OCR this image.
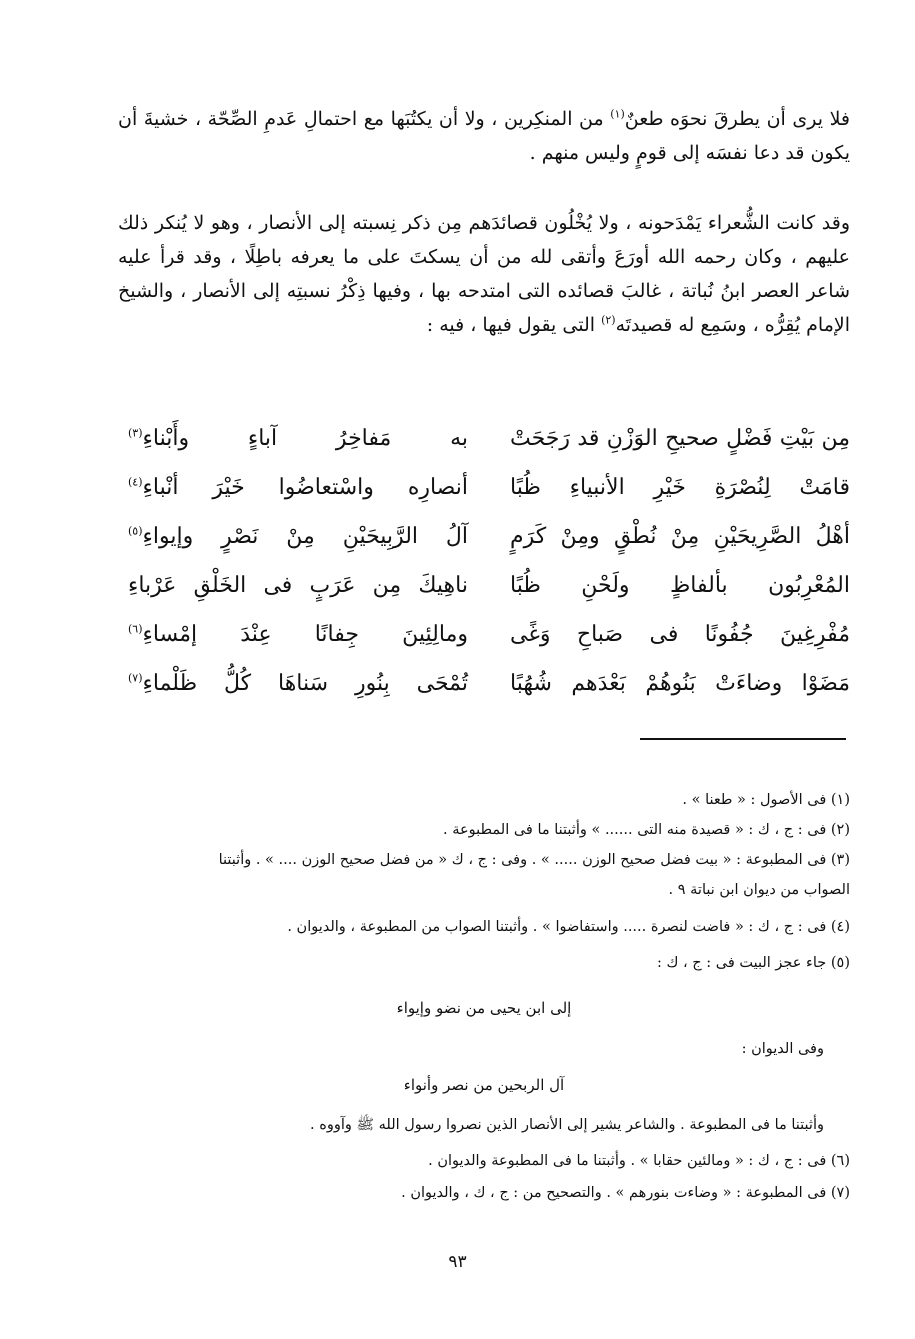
فلا يرى أن يطرقَ نحوَه طعنٌ$^{(١)}$ من المنكِرين ، ولا أن يكتُبَها مع احتمالِ عَدمِ الصِّحّة ، خشيةَ أن يكون قد دعا نفسَه إلى قومٍ وليس منهم .
وقد كانت الشُّعراء يَمْدَحونه ، ولا يُخْلُون قصائدَهم مِن ذكر نِسبته إلى الأنصار ، وهو لا يُنكر ذلك عليهم ، وكان رحمه الله أورَعَ وأتقى لله من أن يسكتَ على ما يعرفه باطِلًا ، وقد قرأ عليه شاعر العصر ابنُ نُباتة ، غالبَ قصائده التى امتدحه بها ، وفيها ذِكْرُ نسبتِه إلى الأنصار ، والشيخ الإمام يُقِرُّه ، وسَمِع له قصيدتَه$^{(٢)}$ التى يقول فيها ، فيه :
مِن بَيْتِ فَضْلٍ صحيحِ الوَزْنِ قد رَجَحَتْ
به مَفاخِرُ آباءٍ وأَبْناءِ$^{(٣)}$
قامَتْ لِنُصْرَةِ خَيْرِ الأنبياءِ ظُبًا
أنصارِه واسْتعاضُوا خَيْرَ أنْباءِ$^{(٤)}$
أهْلُ الصَّرِيحَيْنِ مِنْ نُطْقٍ ومِنْ كَرَمٍ
آلُ الرَّبِيحَيْنِ مِنْ نَصْرٍ وإيواءِ$^{(٥)}$
المُعْرِبُون بألفاظٍ ولَحْنِ ظُبًا
ناهِيكَ مِن عَرَبٍ فى الخَلْقِ عَرْباءِ
مُفْرِغِينَ جُفُونًا فى صَباحِ وَغًى
ومالِئِينَ جِفانًا عِنْدَ إمْساءِ$^{(٦)}$
مَضَوْا وضاءَتْ بَنُوهُمْ بَعْدَهم شُهُبًا
تُمْحَى بِنُورِ سَناهَا كُلُّ ظَلْماءِ$^{(٧)}$
(١) فى الأصول : « طعنا » .
(٢) فى : ج ، ك : « قصيدة منه التى ...... » وأثبتنا ما فى المطبوعة .
(٣) فى المطبوعة : « بيت فضل صحيح الوزن ..... » . وفى : ج ، ك « من فضل صحيح الوزن .... » . وأثبتنا
الصواب من ديوان ابن نباتة ٩ .
(٤) فى : ج ، ك : « فاضت لنصرة ..... واستفاضوا » . وأثبتنا الصواب من المطبوعة ، والديوان .
(٥) جاء عجز البيت فى : ج ، ك :
إلى ابن يحيى من نضو وإيواء
وفى الديوان :
آل الربحين من نصر وأنواء
وأثبتنا ما فى المطبوعة . والشاعر يشير إلى الأنصار الذين نصروا رسول الله ﷺ وآووه .
(٦) فى : ج ، ك : « ومالئين حقابا » . وأثبتنا ما فى المطبوعة والديوان .
(٧) فى المطبوعة : « وضاءت بنورهم » . والتصحيح من : ج ، ك ، والديوان .
٩٣
